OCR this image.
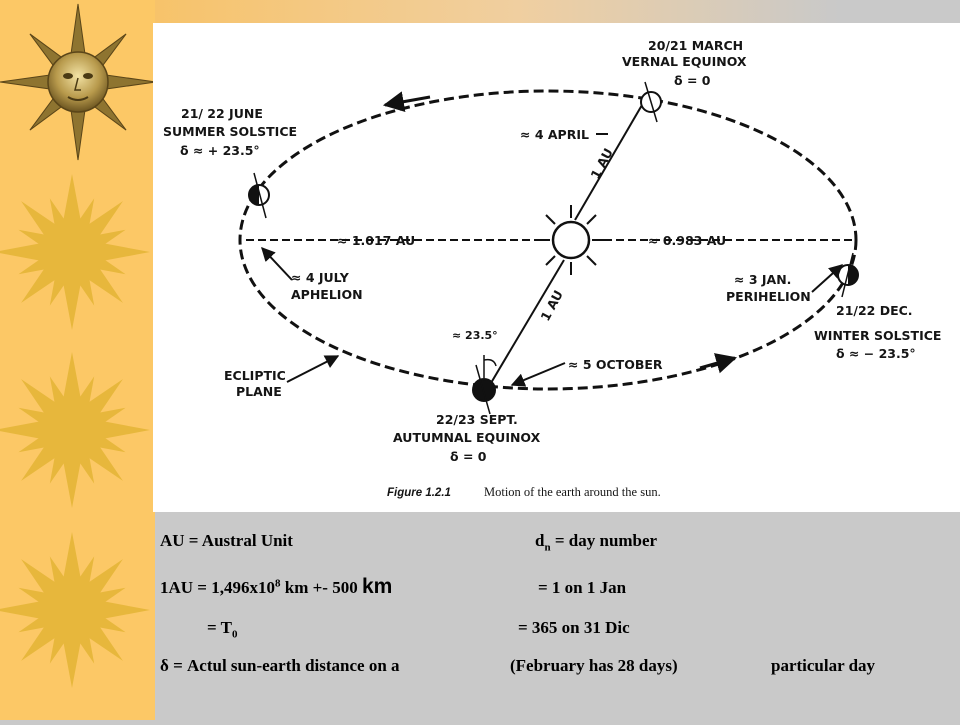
20/21 MARCH
VERNAL EQUINOX
δ = 0
21/ 22 JUNE
SUMMER SOLSTICE
δ ≈ + 23.5°
≈ 4 APRIL
1 AU
1 AU
≈ 1.017 AU	≈ 0.983 AU
≈ 4 JULY
APHELION
≈ 3 JAN.
PERIHELION
21/22 DEC.
WINTER SOLSTICE
δ ≈ − 23.5°
≈ 23.5°
≈ 5 OCTOBER
ECLIPTIC
PLANE
22/23 SEPT.
AUTUMNAL EQUINOX
δ = 0
Figure 1.2.1	Motion of the earth around the sun.
AU = Austral Unit	$d_n$ = day number
$1AU = 1,496x10^8$ km +- 500 km	= 1 on 1 Jan
= $T_0$	= 365 on 31 Dic
δ = Actul sun-earth distance on a	(February has 28 days)	particular day
